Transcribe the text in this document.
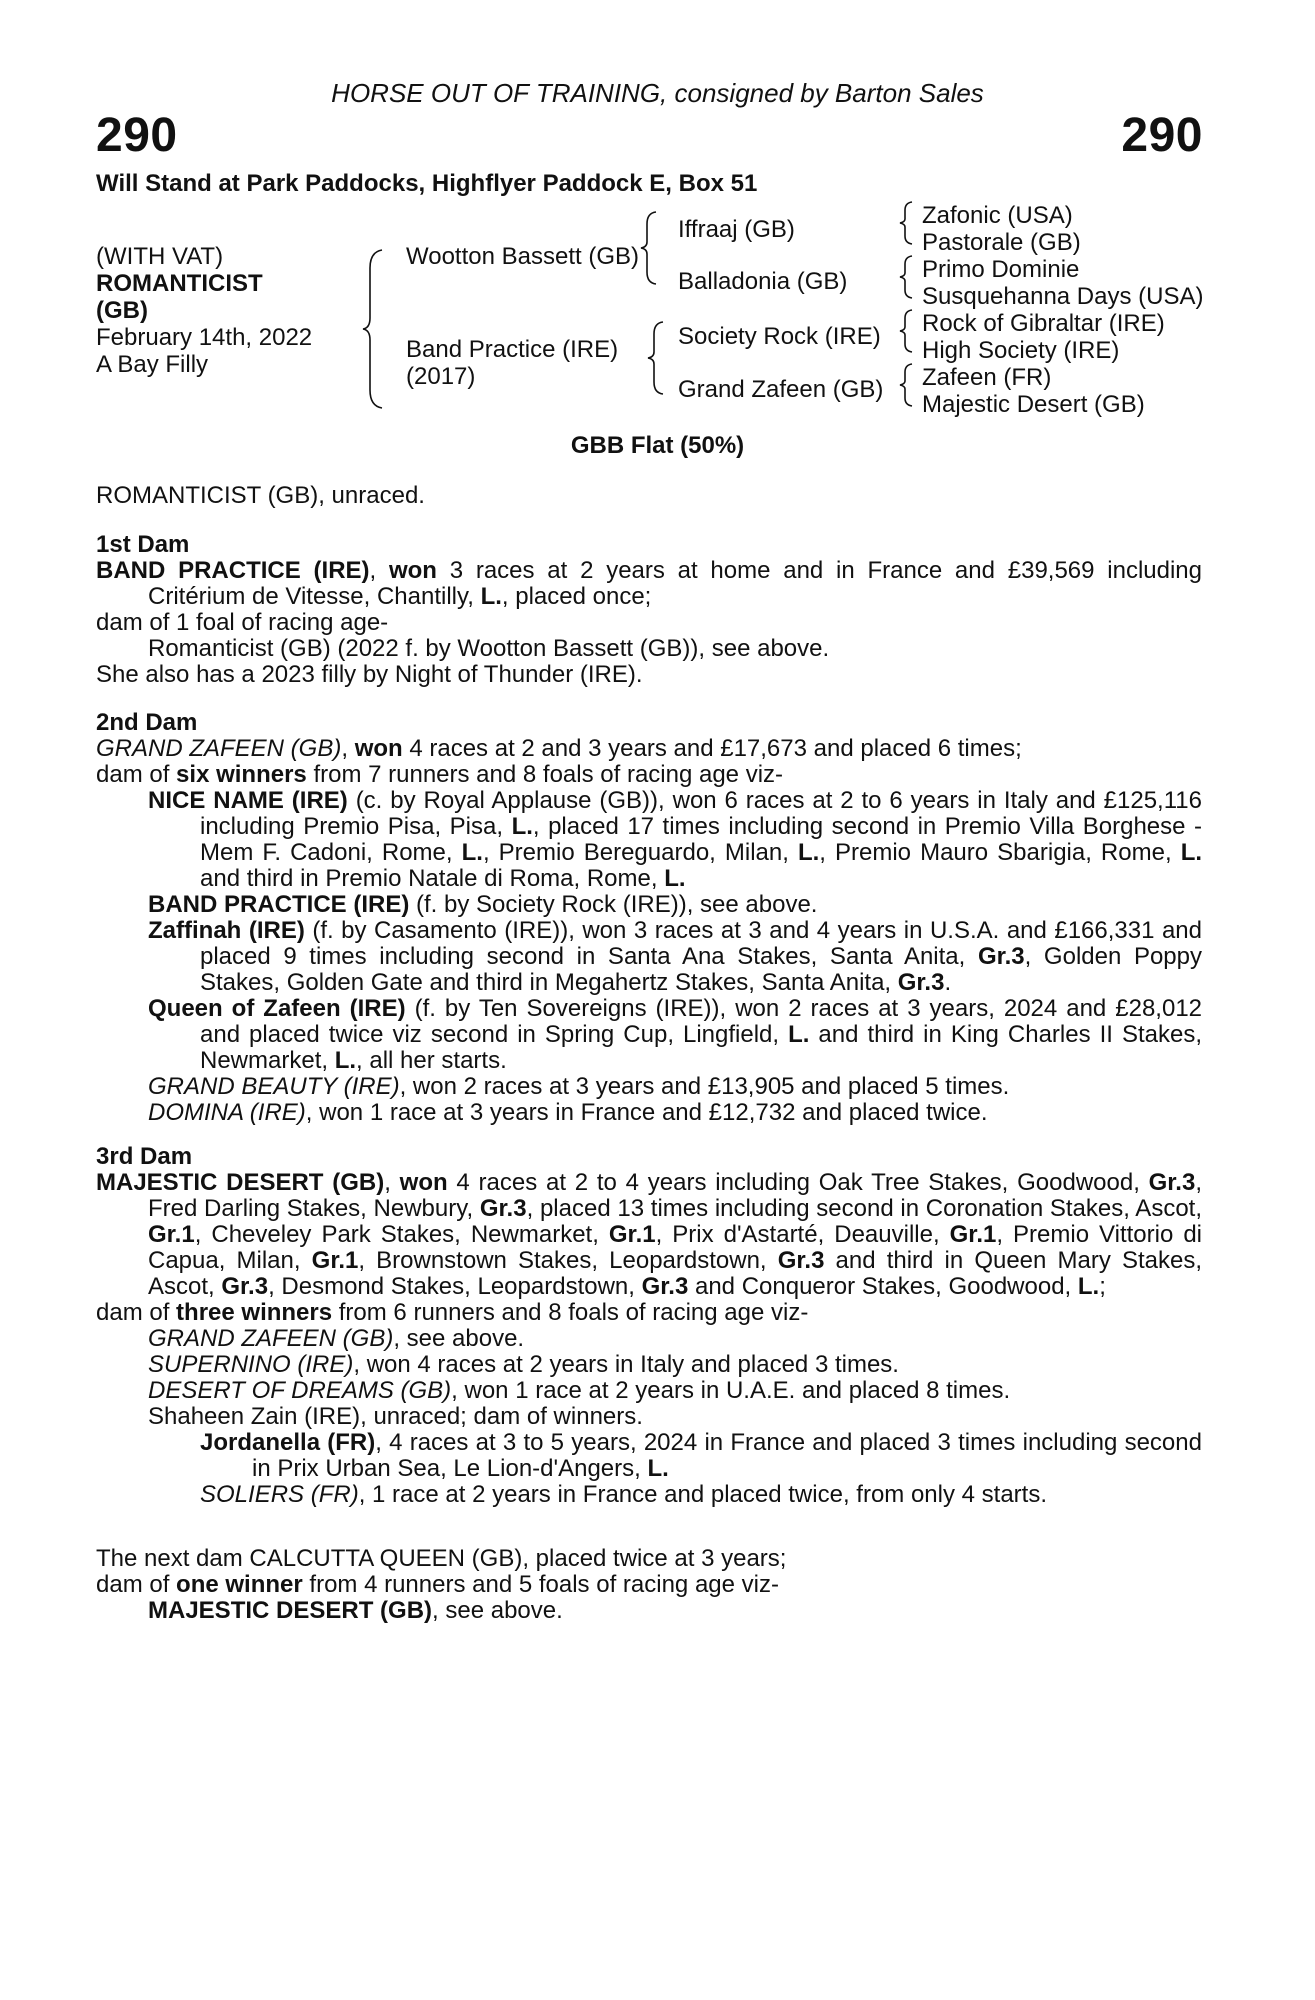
HORSE OUT OF TRAINING, consigned by Barton Sales
290	290
Will Stand at Park Paddocks, Highflyer Paddock E, Box 51
(WITH VAT)
ROMANTICIST
(GB)
February 14th, 2022
A Bay Filly
Wootton Bassett (GB)
Band Practice (IRE)
(2017)
Iffraaj (GB)
Balladonia (GB)
Society Rock (IRE)
Grand Zafeen (GB)
Zafonic (USA)
Pastorale (GB)
Primo Dominie
Susquehanna Days (USA)
Rock of Gibraltar (IRE)
High Society (IRE)
Zafeen (FR)
Majestic Desert (GB)
GBB Flat (50%)
ROMANTICIST (GB), unraced.

1st Dam

BAND PRACTICE (IRE), won 3 races at 2 years at home and in France and £39,569 including Critérium de Vitesse, Chantilly, L., placed once;

dam of 1 foal of racing age-

Romanticist (GB) (2022 f. by Wootton Bassett (GB)), see above.

She also has a 2023 filly by Night of Thunder (IRE).

2nd Dam

GRAND ZAFEEN (GB), won 4 races at 2 and 3 years and £17,673 and placed 6 times;

dam of six winners from 7 runners and 8 foals of racing age viz-

NICE NAME (IRE) (c. by Royal Applause (GB)), won 6 races at 2 to 6 years in Italy and £125,116 including Premio Pisa, Pisa, L., placed 17 times including second in Premio Villa Borghese - Mem F. Cadoni, Rome, L., Premio Bereguardo, Milan, L., Premio Mauro Sbarigia, Rome, L. and third in Premio Natale di Roma, Rome, L.

BAND PRACTICE (IRE) (f. by Society Rock (IRE)), see above.

Zaffinah (IRE) (f. by Casamento (IRE)), won 3 races at 3 and 4 years in U.S.A. and £166,331 and placed 9 times including second in Santa Ana Stakes, Santa Anita, Gr.3, Golden Poppy Stakes, Golden Gate and third in Megahertz Stakes, Santa Anita, Gr.3.

Queen of Zafeen (IRE) (f. by Ten Sovereigns (IRE)), won 2 races at 3 years, 2024 and £28,012 and placed twice viz second in Spring Cup, Lingfield, L. and third in King Charles II Stakes, Newmarket, L., all her starts.

GRAND BEAUTY (IRE), won 2 races at 3 years and £13,905 and placed 5 times.

DOMINA (IRE), won 1 race at 3 years in France and £12,732 and placed twice.

3rd Dam

MAJESTIC DESERT (GB), won 4 races at 2 to 4 years including Oak Tree Stakes, Goodwood, Gr.3, Fred Darling Stakes, Newbury, Gr.3, placed 13 times including second in Coronation Stakes, Ascot, Gr.1, Cheveley Park Stakes, Newmarket, Gr.1, Prix d'Astarté, Deauville, Gr.1, Premio Vittorio di Capua, Milan, Gr.1, Brownstown Stakes, Leopardstown, Gr.3 and third in Queen Mary Stakes, Ascot, Gr.3, Desmond Stakes, Leopardstown, Gr.3 and Conqueror Stakes, Goodwood, L.;

dam of three winners from 6 runners and 8 foals of racing age viz-

GRAND ZAFEEN (GB), see above.

SUPERNINO (IRE), won 4 races at 2 years in Italy and placed 3 times.

DESERT OF DREAMS (GB), won 1 race at 2 years in U.A.E. and placed 8 times.

Shaheen Zain (IRE), unraced; dam of winners.

Jordanella (FR), 4 races at 3 to 5 years, 2024 in France and placed 3 times including second in Prix Urban Sea, Le Lion-d'Angers, L.

SOLIERS (FR), 1 race at 2 years in France and placed twice, from only 4 starts.

The next dam CALCUTTA QUEEN (GB), placed twice at 3 years;

dam of one winner from 4 runners and 5 foals of racing age viz-

MAJESTIC DESERT (GB), see above.
